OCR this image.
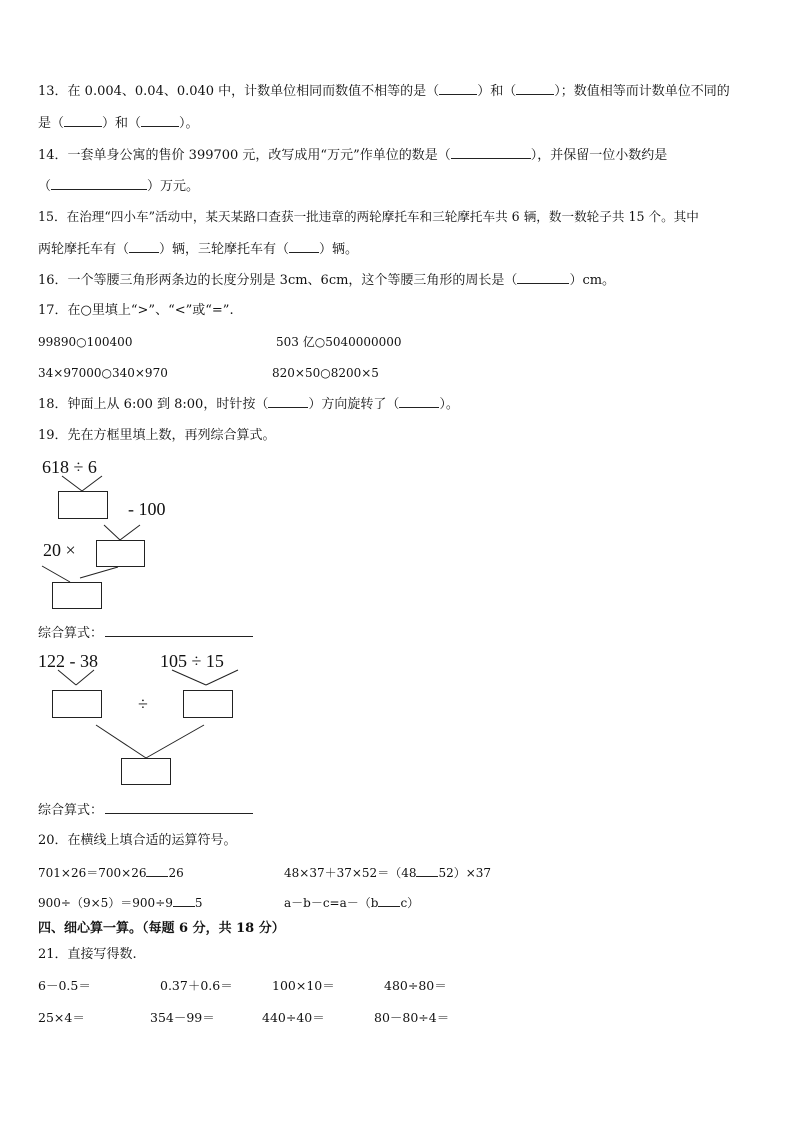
13．在 0.004、0.04、0.040 中，计数单位相同而数值不相等的是（	）和（	）；数值相等而计数单位不同的
是（	）和（	）。
14．一套单身公寓的售价 399700 元，改写成用“万元”作单位的数是（	），并保留一位小数约是
（	）万元。
15．在治理“四小车”活动中，某天某路口查获一批违章的两轮摩托车和三轮摩托车共 6 辆，数一数轮子共 15 个。其中
两轮摩托车有（ ）辆，三轮摩托车有（ ）辆。
16．一个等腰三角形两条边的长度分别是 3cm、6cm，这个等腰三角形的周长是（	）cm。
17．在○里填上“>”、“<”或“=”.
99890○100400	503 亿○5040000000
34×97000○340×970	820×50○8200×5
18．钟面上从 6:00 到 8:00，时针按（	）方向旋转了（	）。
19．先在方框里填上数，再列综合算式。
618 ÷ 6
- 100
20 ×
综合算式：
122 - 38	105 ÷ 15
÷
综合算式：
20．在横线上填合适的运算符号。
701×26＝700×26 26	48×37＋37×52＝（48 52）×37
900÷（9×5）＝900÷9 5	a－b－c=a－（b c）
四、细心算一算。（每题 6 分，共 18 分）
21．直接写得数.
6－0.5＝	0.37＋0.6＝	100×10＝	480÷80＝
25×4＝	354－99＝	440÷40＝	80－80÷4＝
